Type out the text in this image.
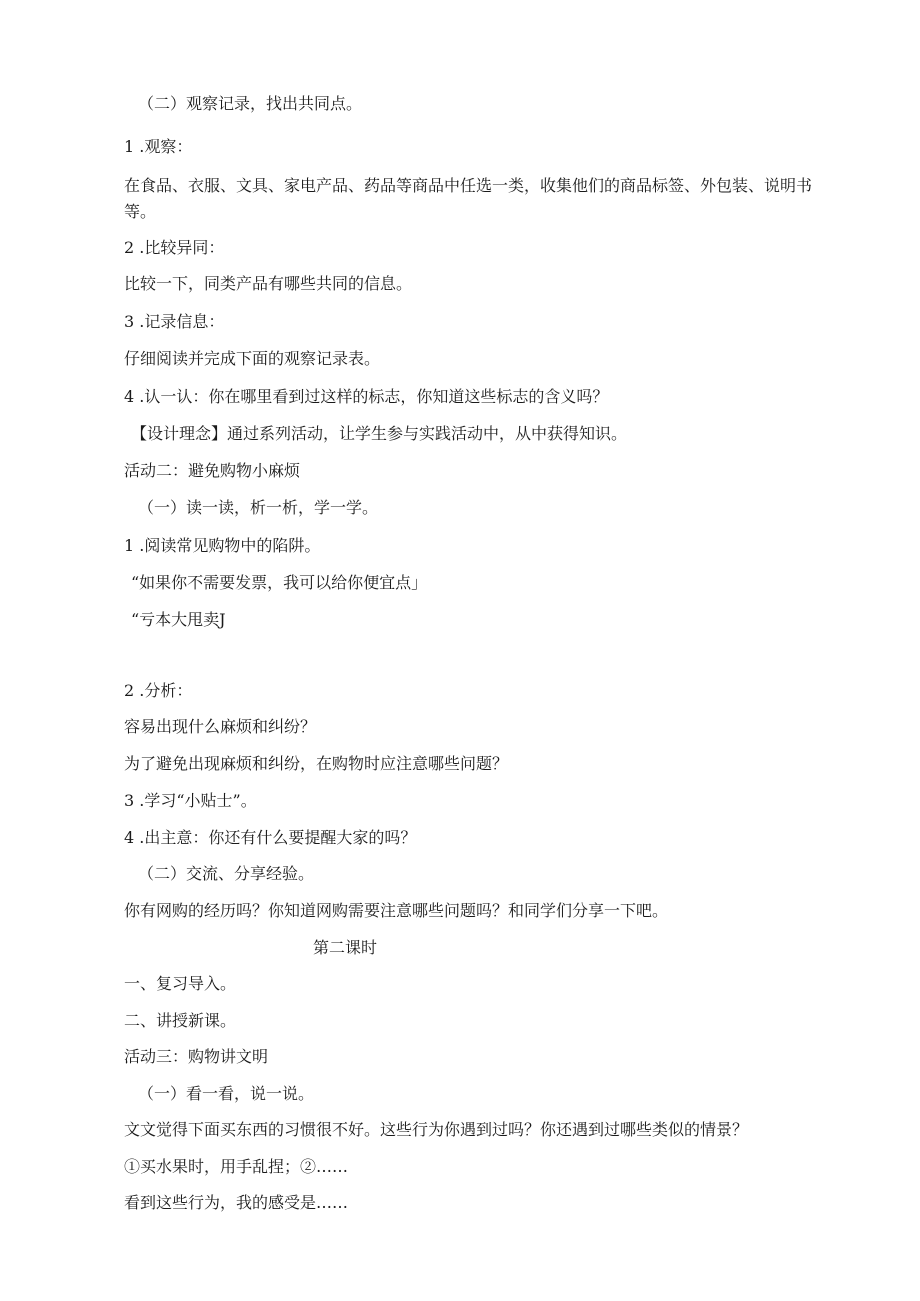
（二）观察记录，找出共同点。
1 .观察：
在食品、衣服、文具、家电产品、药品等商品中任选一类，收集他们的商品标签、外包装、说明书等。
2 .比较异同：
比较一下，同类产品有哪些共同的信息。
3 .记录信息：
仔细阅读并完成下面的观察记录表。
4 .认一认：你在哪里看到过这样的标志，你知道这些标志的含义吗？
【设计理念】通过系列活动，让学生参与实践活动中，从中获得知识。
活动二：避免购物小麻烦
（一）读一读，析一析，学一学。
1 .阅读常见购物中的陷阱。
“如果你不需要发票，我可以给你便宜点」
“亏本大甩卖J
2 .分析：
容易出现什么麻烦和纠纷？
为了避免出现麻烦和纠纷，在购物时应注意哪些问题？
3 .学习“小贴士”。
4 .出主意：你还有什么要提醒大家的吗？
（二）交流、分享经验。
你有网购的经历吗？你知道网购需要注意哪些问题吗？和同学们分享一下吧。
第二课时
一、复习导入。
二、讲授新课。
活动三：购物讲文明
（一）看一看，说一说。
文文觉得下面买东西的习惯很不好。这些行为你遇到过吗？你还遇到过哪些类似的情景？
①买水果时，用手乱捏；②……
看到这些行为，我的感受是……
